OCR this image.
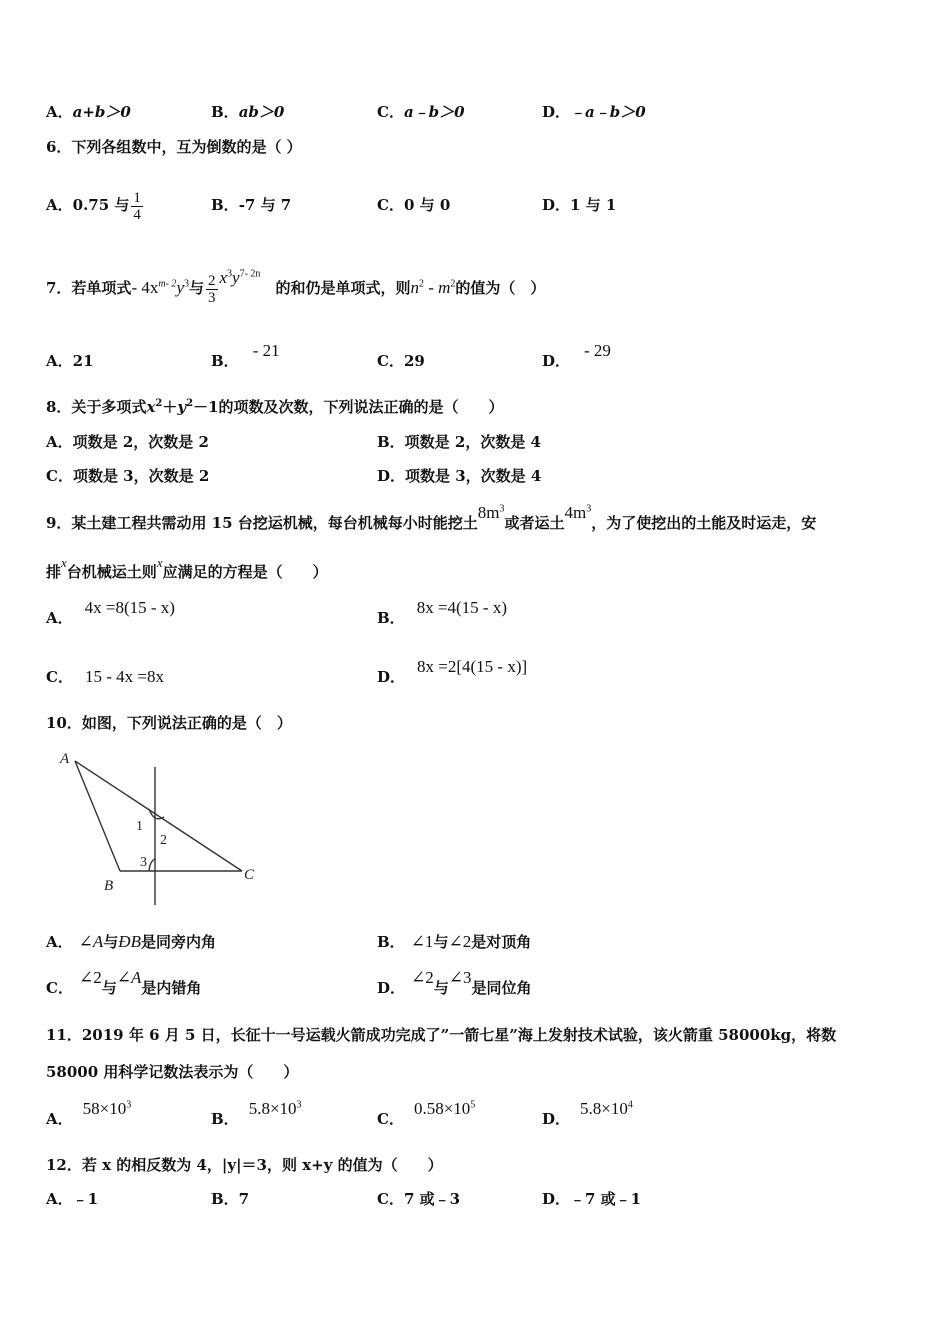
A．a+b＞0	B．ab＞0	C．a﹣b＞0	D．﹣a﹣b＞0
6．下列各组数中，互为倒数的是（ ）
A．0.75 与 $\frac{1}{4}$	B．-7 与 7	C．0 与 0	D．1 与 1
7．若单项式- $4x^{m- 2}y^3$与 $\frac{2}{3} x^3y^{7- 2n}$　的和仍是单项式，则$n^2 - m^2$的值为（　）
A．21	B．- 21
C．29	D．- 29
8．关于多项式$x^2+y^2-1$的项数及次数，下列说法正确的是（　　）
A．项数是 2，次数是 2	B．项数是 2，次数是 4
C．项数是 3，次数是 2	D．项数是 3，次数是 4
9．某土建工程共需动用 15 台挖运机械，每台机械每小时能挖土$8m^3$或者运土$4m^3$，为了使挖出的土能及时运走，安
排x台机械运土则x应满足的方程是（　　）
A．4x =8(15 - x)
B．8x =4(15 - x)
C． 15 - 4x =8x	D．8x =2[4(15 - x)]
10．如图，下列说法正确的是（　）
A
B
C
1
2
3
A． ∠A与ÐB是同旁内角	B． ∠1与∠2是对顶角
C．∠2与∠A是内错角	D．∠2与∠3是同位角
11．2019 年 6 月 5 日，长征十一号运载火箭成功完成了”一箭七星”海上发射技术试验，该火箭重 58000kg，将数
58000 用科学记数法表示为（　　）
A．$58\times 10^3$
B．$5.8\times 10^3$
C．$0.58\times 10^5$
D．$5.8\times 10^4$
12．若 x 的相反数为 4，|y|＝3，则 x+y 的值为（　　）
A．﹣1	B．7	C．7 或﹣3	D．﹣7 或﹣1
